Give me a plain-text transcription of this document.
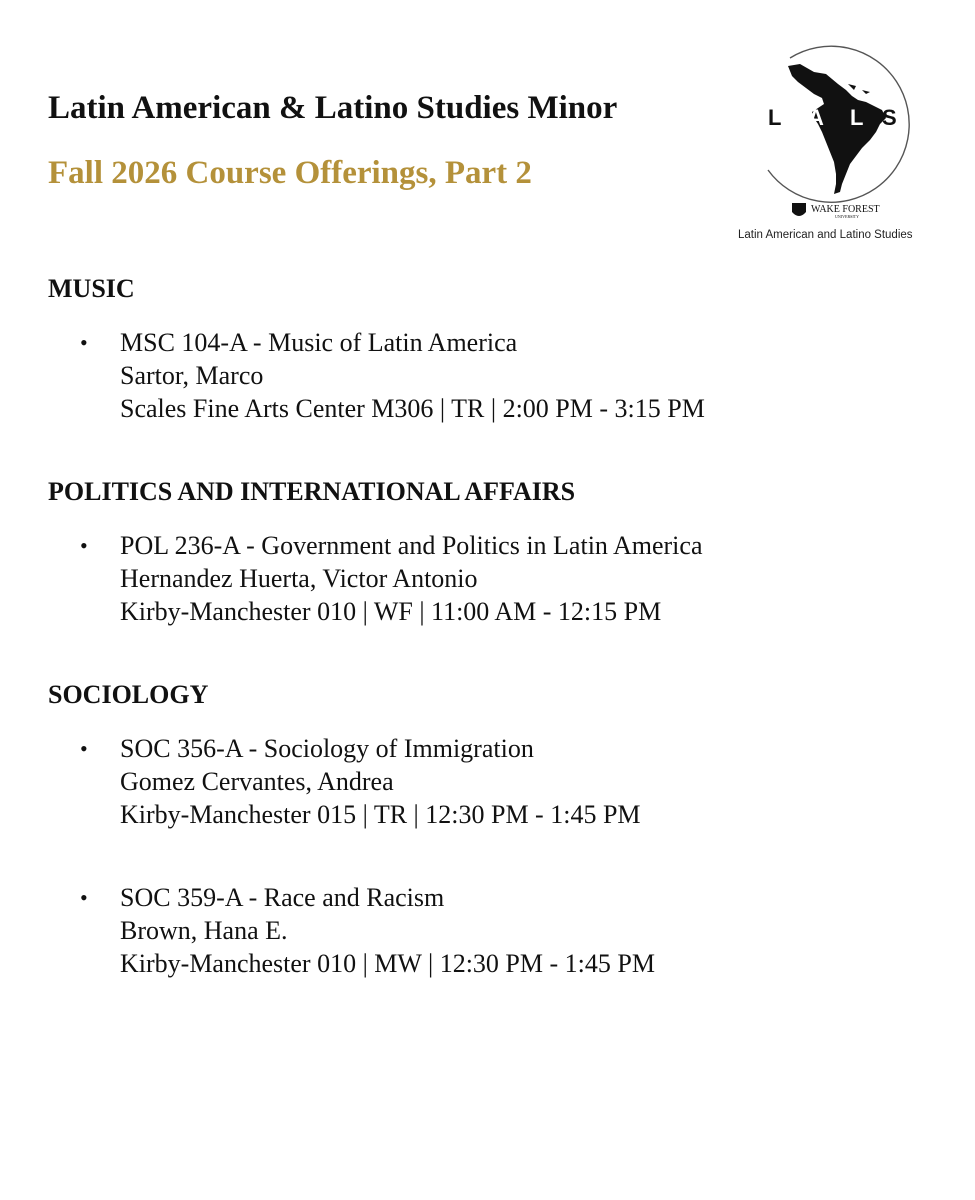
Latin American & Latino Studies Minor
Fall 2026 Course Offerings, Part 2
L A L S
WAKE FOREST
UNIVERSITY
Latin American and Latino Studies
MUSIC
• MSC 104-A - Music of Latin America
Sartor, Marco
Scales Fine Arts Center M306 | TR | 2:00 PM - 3:15 PM
POLITICS AND INTERNATIONAL AFFAIRS
• POL 236-A - Government and Politics in Latin America
Hernandez Huerta, Victor Antonio
Kirby-Manchester 010 | WF | 11:00 AM - 12:15 PM
SOCIOLOGY
• SOC 356-A - Sociology of Immigration
Gomez Cervantes, Andrea
Kirby-Manchester 015 | TR | 12:30 PM - 1:45 PM
• SOC 359-A - Race and Racism
Brown, Hana E.
Kirby-Manchester 010 | MW | 12:30 PM - 1:45 PM
